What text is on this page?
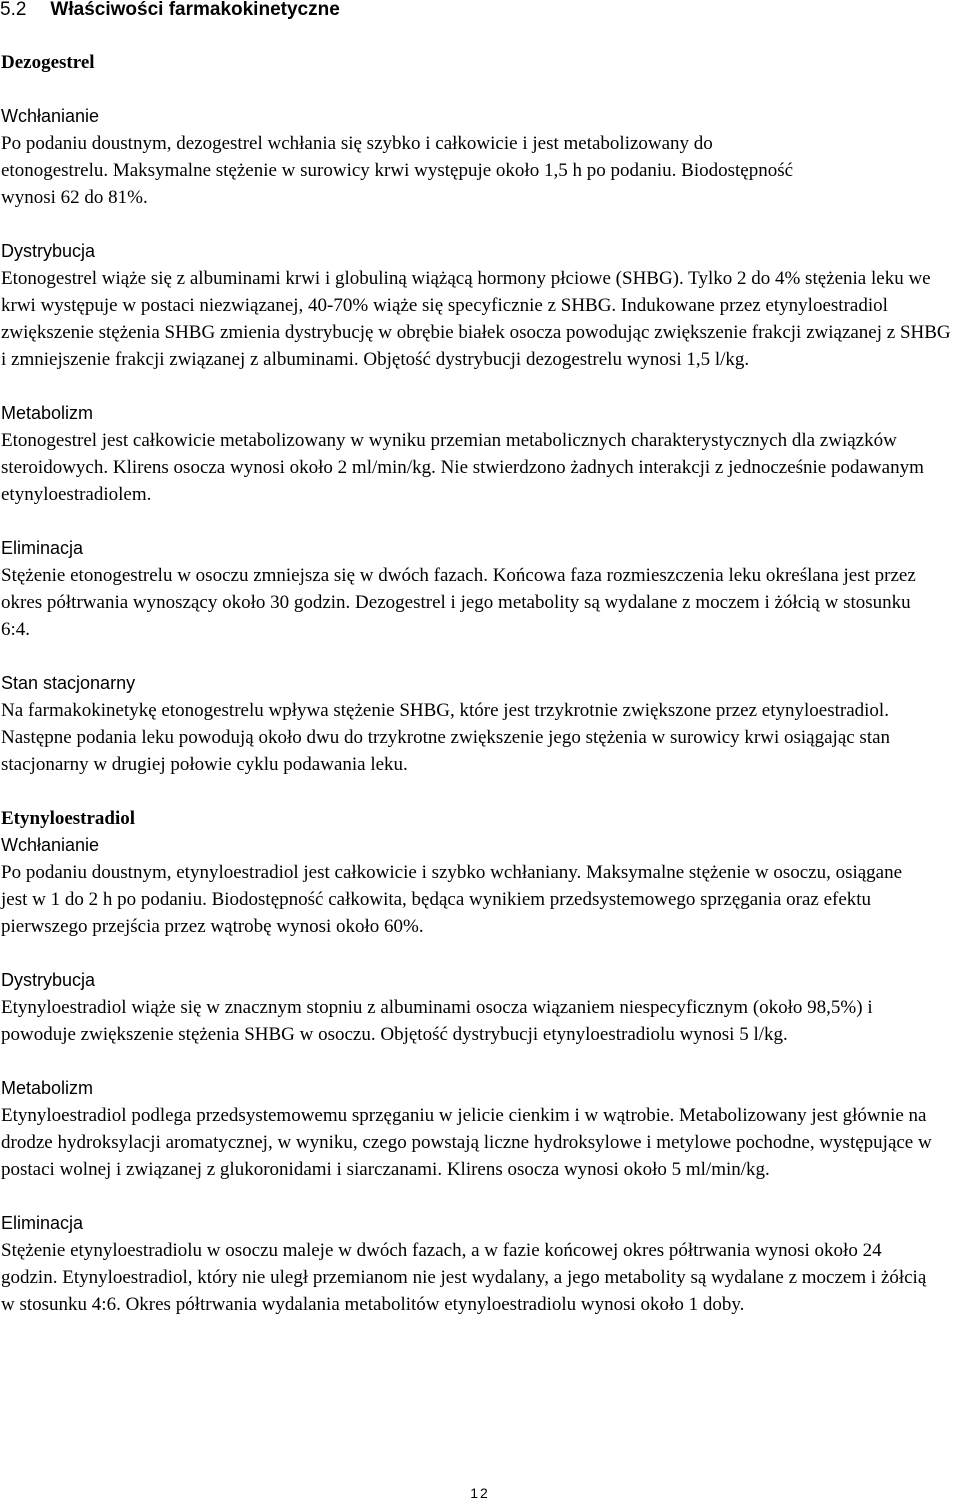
5.2 Właściwości farmakokinetyczne

Dezogestrel

Wchłanianie

Po podaniu doustnym, dezogestrel wchłania się szybko i całkowicie i jest metabolizowany do etonogestrelu. Maksymalne stężenie w surowicy krwi występuje około 1,5 h po podaniu. Biodostępność wynosi 62 do 81%.

Dystrybucja

Etonogestrel wiąże się z albuminami krwi i globuliną wiążącą hormony płciowe (SHBG). Tylko 2 do 4% stężenia leku we krwi występuje w postaci niezwiązanej, 40-70% wiąże się specyficznie z SHBG. Indukowane przez etynyloestradiol zwiększenie stężenia SHBG zmienia dystrybucję w obrębie białek osocza powodując zwiększenie frakcji związanej z SHBG i zmniejszenie frakcji związanej z albuminami. Objętość dystrybucji dezogestrelu wynosi 1,5 l/kg.

Metabolizm

Etonogestrel jest całkowicie metabolizowany w wyniku przemian metabolicznych charakterystycznych dla związków steroidowych. Klirens osocza wynosi około 2 ml/min/kg. Nie stwierdzono żadnych interakcji z jednocześnie podawanym etynyloestradiolem.

Eliminacja

Stężenie etonogestrelu w osoczu zmniejsza się w dwóch fazach. Końcowa faza rozmieszczenia leku określana jest przez okres półtrwania wynoszący około 30 godzin. Dezogestrel i jego metabolity są wydalane z moczem i żółcią w stosunku 6:4.

Stan stacjonarny

Na farmakokinetykę etonogestrelu wpływa stężenie SHBG, które jest trzykrotnie zwiększone przez etynyloestradiol. Następne podania leku powodują około dwu do trzykrotne zwiększenie jego stężenia w surowicy krwi osiągając stan stacjonarny w drugiej połowie cyklu podawania leku.

Etynyloestradiol

Wchłanianie

Po podaniu doustnym, etynyloestradiol jest całkowicie i szybko wchłaniany. Maksymalne stężenie w osoczu, osiągane jest w 1 do 2 h po podaniu. Biodostępność całkowita, będąca wynikiem przedsystemowego sprzęgania oraz efektu pierwszego przejścia przez wątrobę wynosi około 60%.

Dystrybucja

Etynyloestradiol wiąże się w znacznym stopniu z albuminami osocza wiązaniem niespecyficznym (około 98,5%) i powoduje zwiększenie stężenia SHBG w osoczu. Objętość dystrybucji etynyloestradiolu wynosi 5 l/kg.

Metabolizm

Etynyloestradiol podlega przedsystemowemu sprzęganiu w jelicie cienkim i w wątrobie. Metabolizowany jest głównie na drodze hydroksylacji aromatycznej, w wyniku, czego powstają liczne hydroksylowe i metylowe pochodne, występujące w postaci wolnej i związanej z glukoronidami i siarczanami. Klirens osocza wynosi około 5 ml/min/kg.

Eliminacja

Stężenie etynyloestradiolu w osoczu maleje w dwóch fazach, a w fazie końcowej okres półtrwania wynosi około 24 godzin. Etynyloestradiol, który nie uległ przemianom nie jest wydalany, a jego metabolity są wydalane z moczem i żółcią w stosunku 4:6. Okres półtrwania wydalania metabolitów etynyloestradiolu wynosi około 1 doby.

12
